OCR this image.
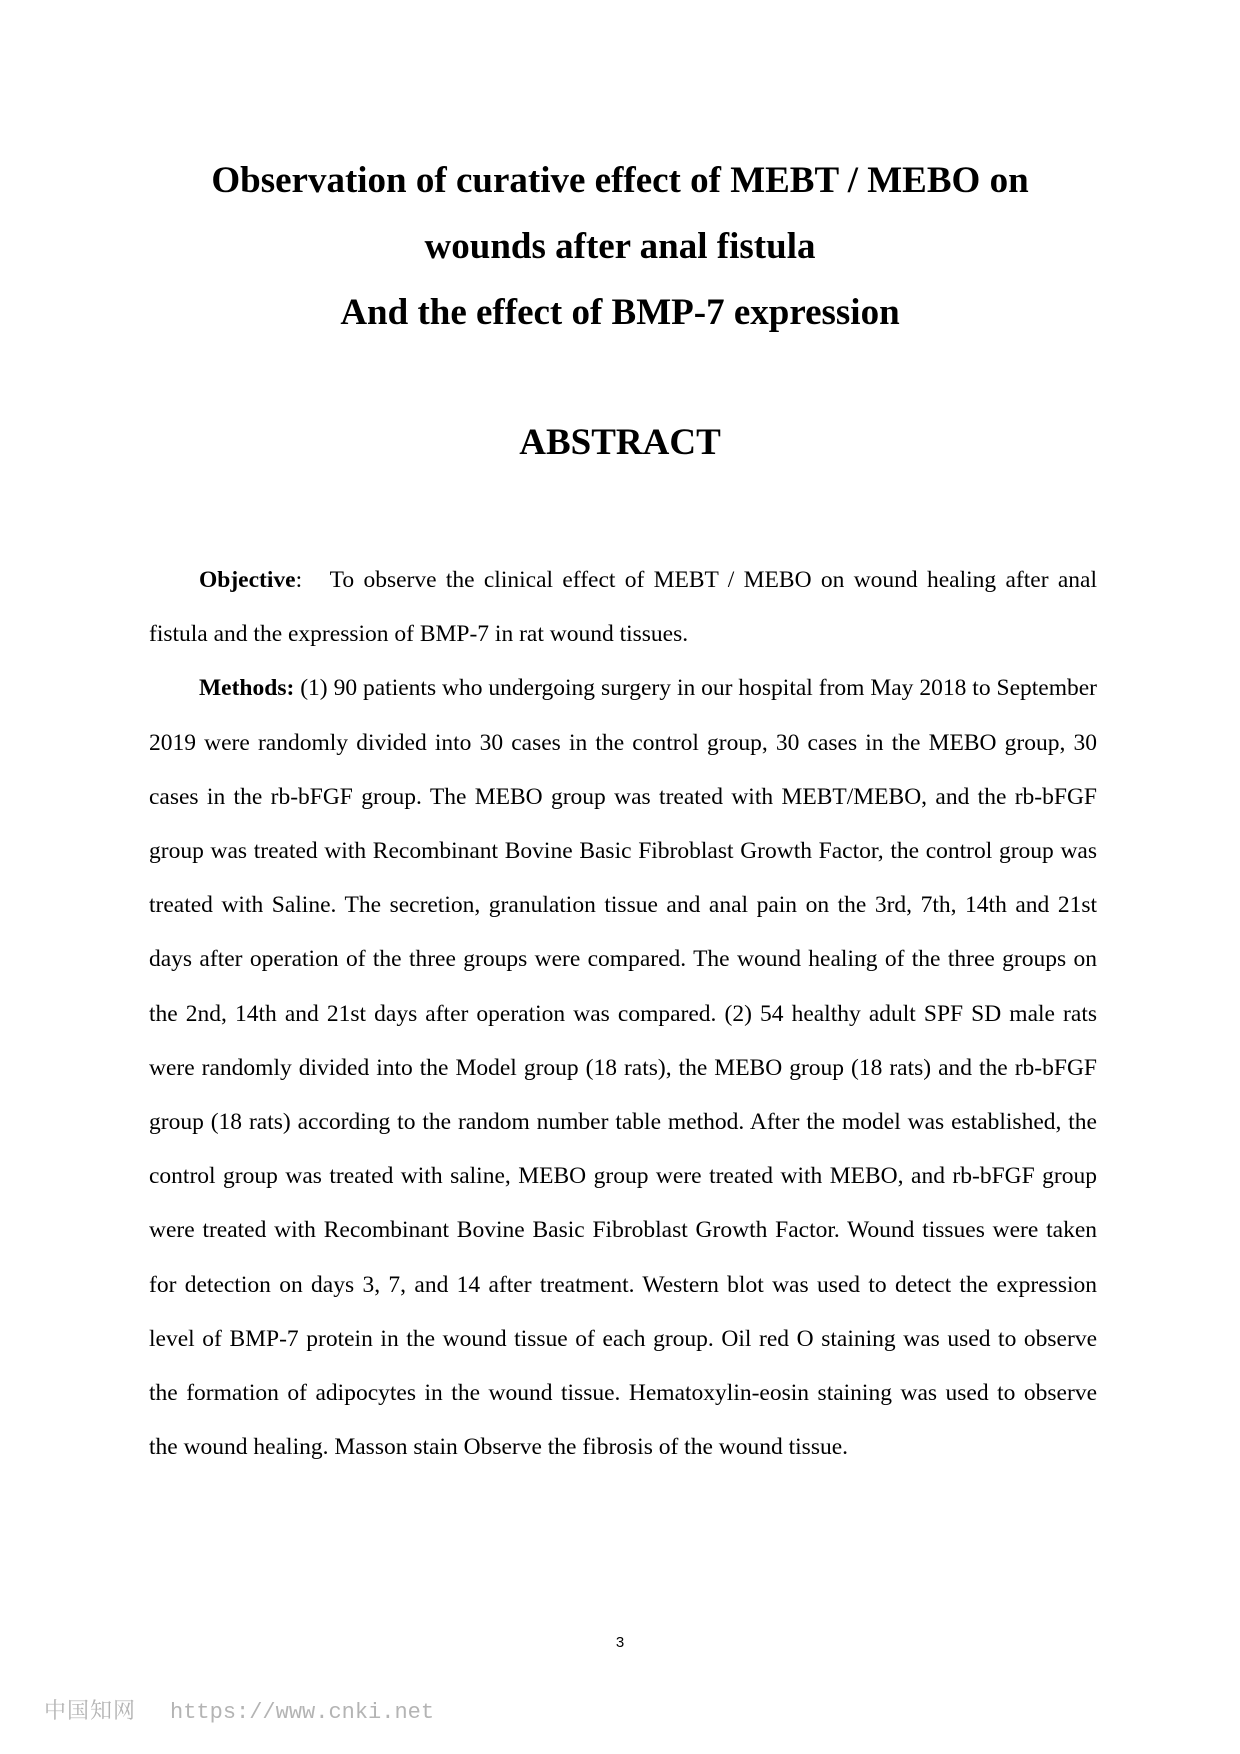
Observation of curative effect of MEBT / MEBO on

wounds after anal fistula

And the effect of BMP-7 expression

ABSTRACT

Objective: To observe the clinical effect of MEBT / MEBO on wound healing after anal fistula and the expression of BMP-7 in rat wound tissues.

Methods: (1) 90 patients who undergoing surgery in our hospital from May 2018 to September 2019 were randomly divided into 30 cases in the control group, 30 cases in the MEBO group, 30 cases in the rb-bFGF group. The MEBO group was treated with MEBT/MEBO, and the rb-bFGF group was treated with Recombinant Bovine Basic Fibroblast Growth Factor, the control group was treated with Saline. The secretion, granulation tissue and anal pain on the 3rd, 7th, 14th and 21st days after operation of the three groups were compared. The wound healing of the three groups on the 2nd, 14th and 21st days after operation was compared. (2) 54 healthy adult SPF SD male rats were randomly divided into the Model group (18 rats), the MEBO group (18 rats) and the rb-bFGF group (18 rats) according to the random number table method. After the model was established, the control group was treated with saline, MEBO group were treated with MEBO, and rb-bFGF group were treated with Recombinant Bovine Basic Fibroblast Growth Factor. Wound tissues were taken for detection on days 3, 7, and 14 after treatment. Western blot was used to detect the expression level of BMP-7 protein in the wound tissue of each group. Oil red O staining was used to observe the formation of adipocytes in the wound tissue. Hematoxylin-eosin staining was used to observe the wound healing. Masson stain Observe the fibrosis of the wound tissue.

3
中国知网 https://www.cnki.net
